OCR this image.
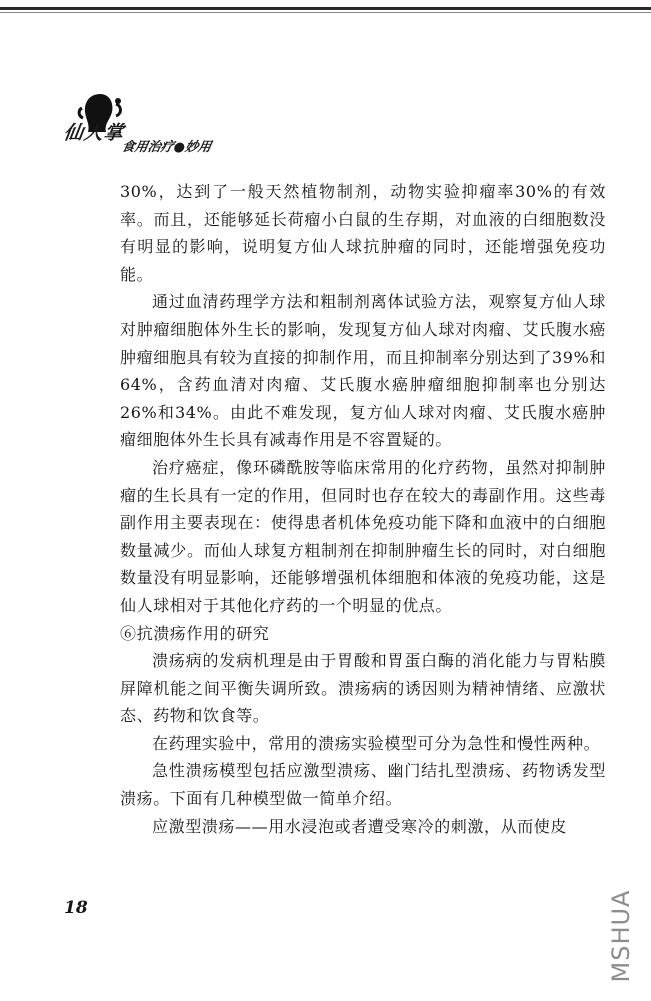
仙人掌
食用治疗●妙用

30%，达到了一般天然植物制剂，动物实验抑瘤率30%的有效率。而且，还能够延长荷瘤小白鼠的生存期，对血液的白细胞数没有明显的影响，说明复方仙人球抗肿瘤的同时，还能增强免疫功能。

通过血清药理学方法和粗制剂离体试验方法，观察复方仙人球对肿瘤细胞体外生长的影响，发现复方仙人球对肉瘤、艾氏腹水癌肿瘤细胞具有较为直接的抑制作用，而且抑制率分别达到了39%和64%，含药血清对肉瘤、艾氏腹水癌肿瘤细胞抑制率也分别达26%和34%。由此不难发现，复方仙人球对肉瘤、艾氏腹水癌肿瘤细胞体外生长具有减毒作用是不容置疑的。

治疗癌症，像环磷酰胺等临床常用的化疗药物，虽然对抑制肿瘤的生长具有一定的作用，但同时也存在较大的毒副作用。这些毒副作用主要表现在：使得患者机体免疫功能下降和血液中的白细胞数量减少。而仙人球复方粗制剂在抑制肿瘤生长的同时，对白细胞数量没有明显影响，还能够增强机体细胞和体液的免疫功能，这是仙人球相对于其他化疗药的一个明显的优点。

⑥抗溃疡作用的研究

溃疡病的发病机理是由于胃酸和胃蛋白酶的消化能力与胃粘膜屏障机能之间平衡失调所致。溃疡病的诱因则为精神情绪、应激状态、药物和饮食等。

在药理实验中，常用的溃疡实验模型可分为急性和慢性两种。

急性溃疡模型包括应激型溃疡、幽门结扎型溃疡、药物诱发型溃疡。下面有几种模型做一简单介绍。

应激型溃疡——用水浸泡或者遭受寒冷的刺激，从而使皮

18	MSHUA
